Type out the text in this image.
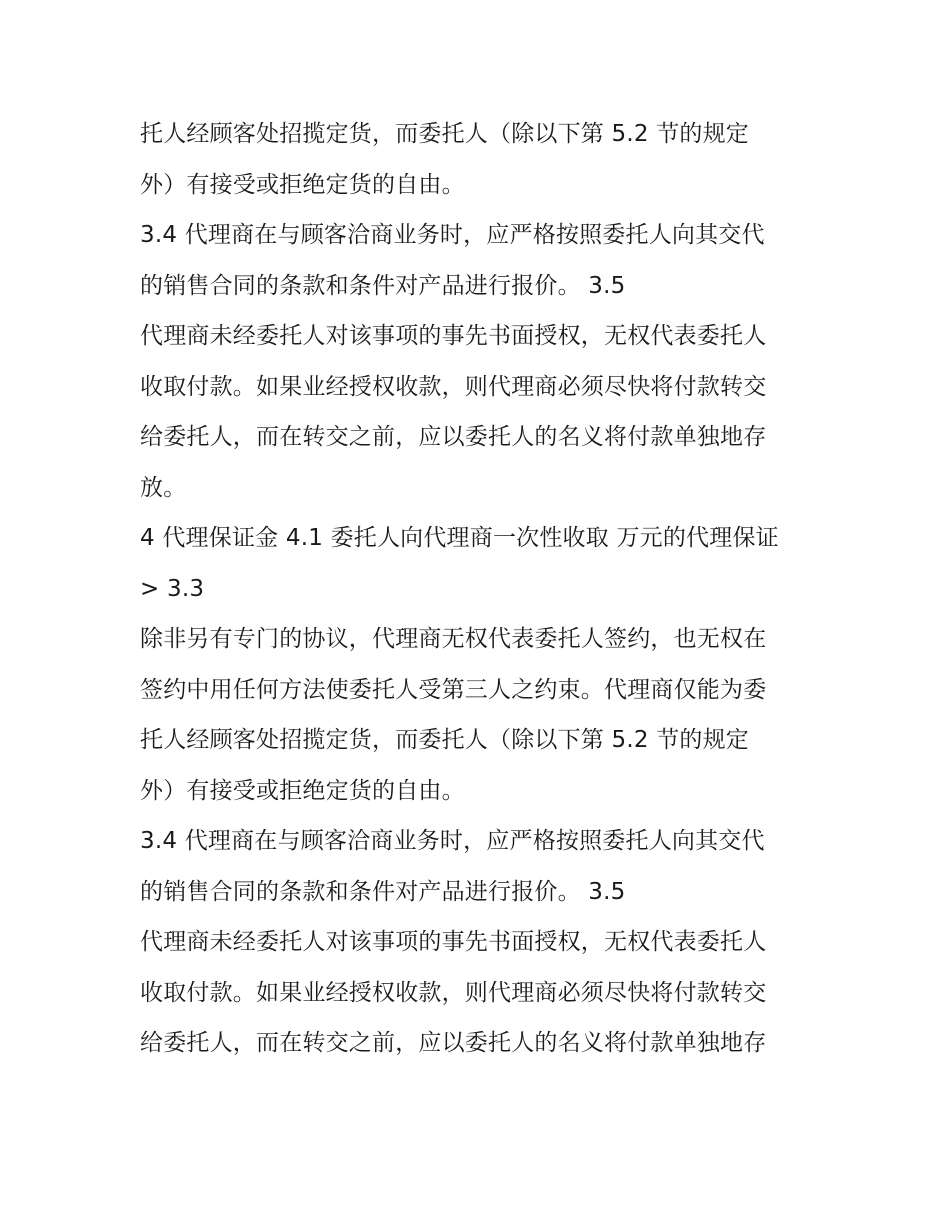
托人经顾客处招揽定货，而委托人（除以下第 5.2 节的规定
外）有接受或拒绝定货的自由。
3.4 代理商在与顾客洽商业务时，应严格按照委托人向其交代
的销售合同的条款和条件对产品进行报价。 3.5
代理商未经委托人对该事项的事先书面授权，无权代表委托人
收取付款。如果业经授权收款，则代理商必须尽快将付款转交
给委托人，而在转交之前，应以委托人的名义将付款单独地存
放。
4 代理保证金 4.1 委托人向代理商一次性收取 万元的代理保证
> 3.3
除非另有专门的协议，代理商无权代表委托人签约，也无权在
签约中用任何方法使委托人受第三人之约束。代理商仅能为委
托人经顾客处招揽定货，而委托人（除以下第 5.2 节的规定
外）有接受或拒绝定货的自由。
3.4 代理商在与顾客洽商业务时，应严格按照委托人向其交代
的销售合同的条款和条件对产品进行报价。 3.5
代理商未经委托人对该事项的事先书面授权，无权代表委托人
收取付款。如果业经授权收款，则代理商必须尽快将付款转交
给委托人，而在转交之前，应以委托人的名义将付款单独地存
